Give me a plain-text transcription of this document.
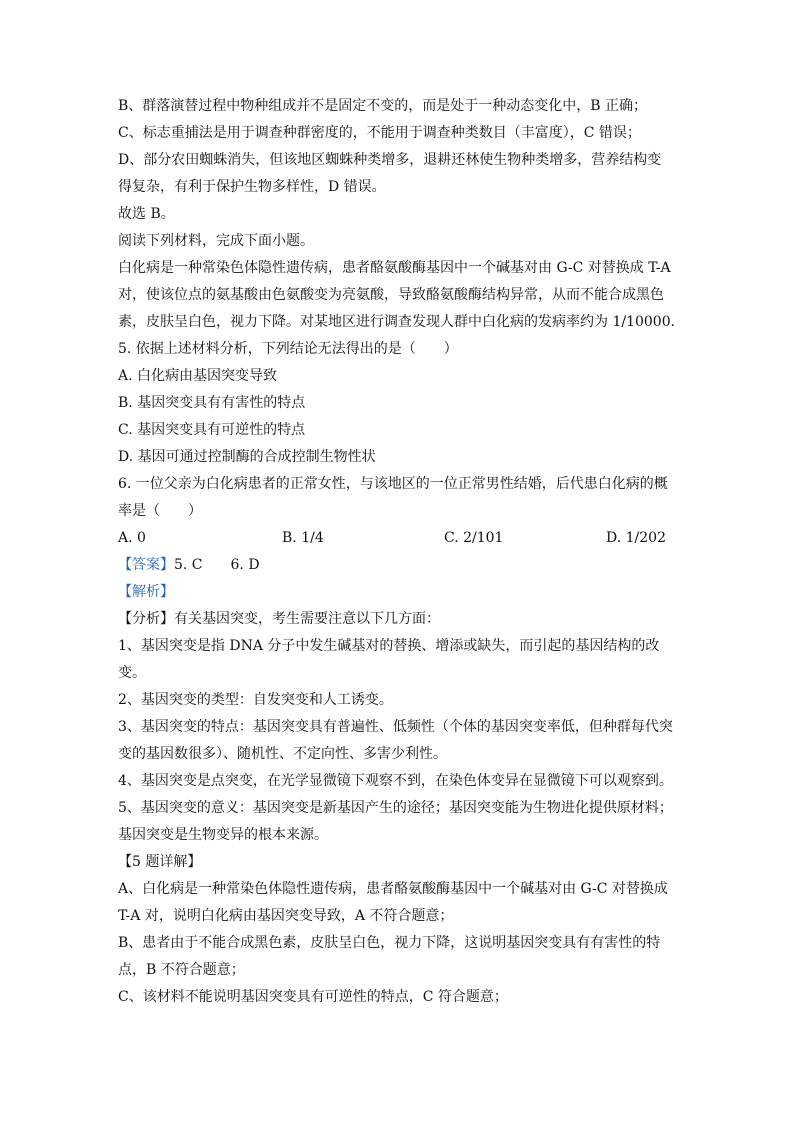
B、群落演替过程中物种组成并不是固定不变的，而是处于一种动态变化中，B 正确；
C、标志重捕法是用于调查种群密度的，不能用于调查种类数目（丰富度），C 错误；
D、部分农田蜘蛛消失，但该地区蜘蛛种类增多，退耕还林使生物种类增多，营养结构变
得复杂，有利于保护生物多样性，D 错误。
故选 B。
阅读下列材料，完成下面小题。
白化病是一种常染色体隐性遗传病，患者酪氨酸酶基因中一个碱基对由 G-C 对替换成 T-A
对，使该位点的氨基酸由色氨酸变为亮氨酸，导致酪氨酸酶结构异常，从而不能合成黑色
素，皮肤呈白色，视力下降。对某地区进行调查发现人群中白化病的发病率约为 1/10000.
5. 依据上述材料分析，下列结论无法得出的是（　　）
A. 白化病由基因突变导致
B. 基因突变具有有害性的特点
C. 基因突变具有可逆性的特点
D. 基因可通过控制酶的合成控制生物性状
6. 一位父亲为白化病患者的正常女性，与该地区的一位正常男性结婚，后代患白化病的概
率是（　　）
A. 0	B. 1/4	C. 2/101	D. 1/202
【答案】5. C　　6. D
【解析】
【分析】有关基因突变，考生需要注意以下几方面：
1、基因突变是指 DNA 分子中发生碱基对的替换、增添或缺失，而引起的基因结构的改
变。
2、基因突变的类型：自发突变和人工诱变。
3、基因突变的特点：基因突变具有普遍性、低频性（个体的基因突变率低，但种群每代突
变的基因数很多）、随机性、不定向性、多害少利性。
4、基因突变是点突变，在光学显微镜下观察不到，在染色体变异在显微镜下可以观察到。
5、基因突变的意义：基因突变是新基因产生的途径；基因突变能为生物进化提供原材料；
基因突变是生物变异的根本来源。
【5 题详解】
A、白化病是一种常染色体隐性遗传病，患者酪氨酸酶基因中一个碱基对由 G-C 对替换成
T-A 对，说明白化病由基因突变导致，A 不符合题意；
B、患者由于不能合成黑色素，皮肤呈白色，视力下降，这说明基因突变具有有害性的特
点，B 不符合题意；
C、该材料不能说明基因突变具有可逆性的特点，C 符合题意；
